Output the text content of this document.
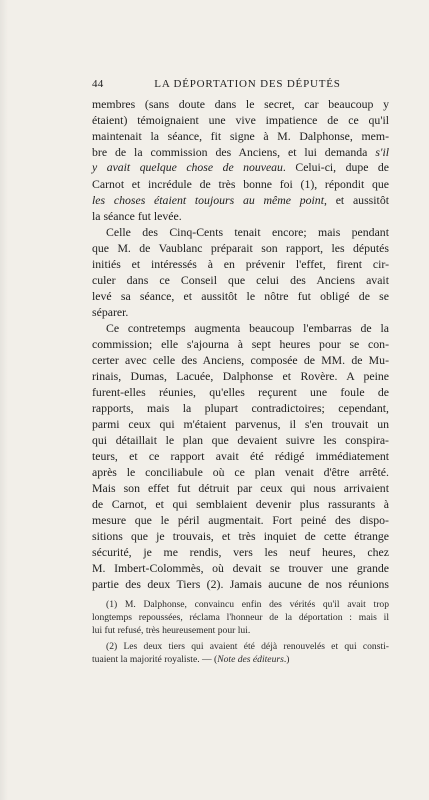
44	LA DÉPORTATION DES DÉPUTÉS
membres (sans doute dans le secret, car beaucoup y
étaient) témoignaient une vive impatience de ce qu'il
maintenait la séance, fit signe à M. Dalphonse, mem-
bre de la commission des Anciens, et lui demanda s'il
y avait quelque chose de nouveau. Celui-ci, dupe de
Carnot et incrédule de très bonne foi (1), répondit que
les choses étaient toujours au même point, et aussitôt
la séance fut levée.
Celle des Cinq-Cents tenait encore; mais pendant
que M. de Vaublanc préparait son rapport, les députés
initiés et intéressés à en prévenir l'effet, firent cir-
culer dans ce Conseil que celui des Anciens avait
levé sa séance, et aussitôt le nôtre fut obligé de se
séparer.
Ce contretemps augmenta beaucoup l'embarras de la
commission; elle s'ajourna à sept heures pour se con-
certer avec celle des Anciens, composée de MM. de Mu-
rinais, Dumas, Lacuée, Dalphonse et Rovère. A peine
furent-elles réunies, qu'elles reçurent une foule de
rapports, mais la plupart contradictoires; cependant,
parmi ceux qui m'étaient parvenus, il s'en trouvait un
qui détaillait le plan que devaient suivre les conspira-
teurs, et ce rapport avait été rédigé immédiatement
après le conciliabule où ce plan venait d'être arrêté.
Mais son effet fut détruit par ceux qui nous arrivaient
de Carnot, et qui semblaient devenir plus rassurants à
mesure que le péril augmentait. Fort peiné des dispo-
sitions que je trouvais, et très inquiet de cette étrange
sécurité, je me rendis, vers les neuf heures, chez
M. Imbert-Colommès, où devait se trouver une grande
partie des deux Tiers (2). Jamais aucune de nos réunions
(1) M. Dalphonse, convaincu enfin des vérités qu'il avait trop
longtemps repoussées, réclama l'honneur de la déportation : mais il
lui fut refusé, très heureusement pour lui.
(2) Les deux tiers qui avaient été déjà renouvelés et qui consti-
tuaient la majorité royaliste. — (Note des éditeurs.)
